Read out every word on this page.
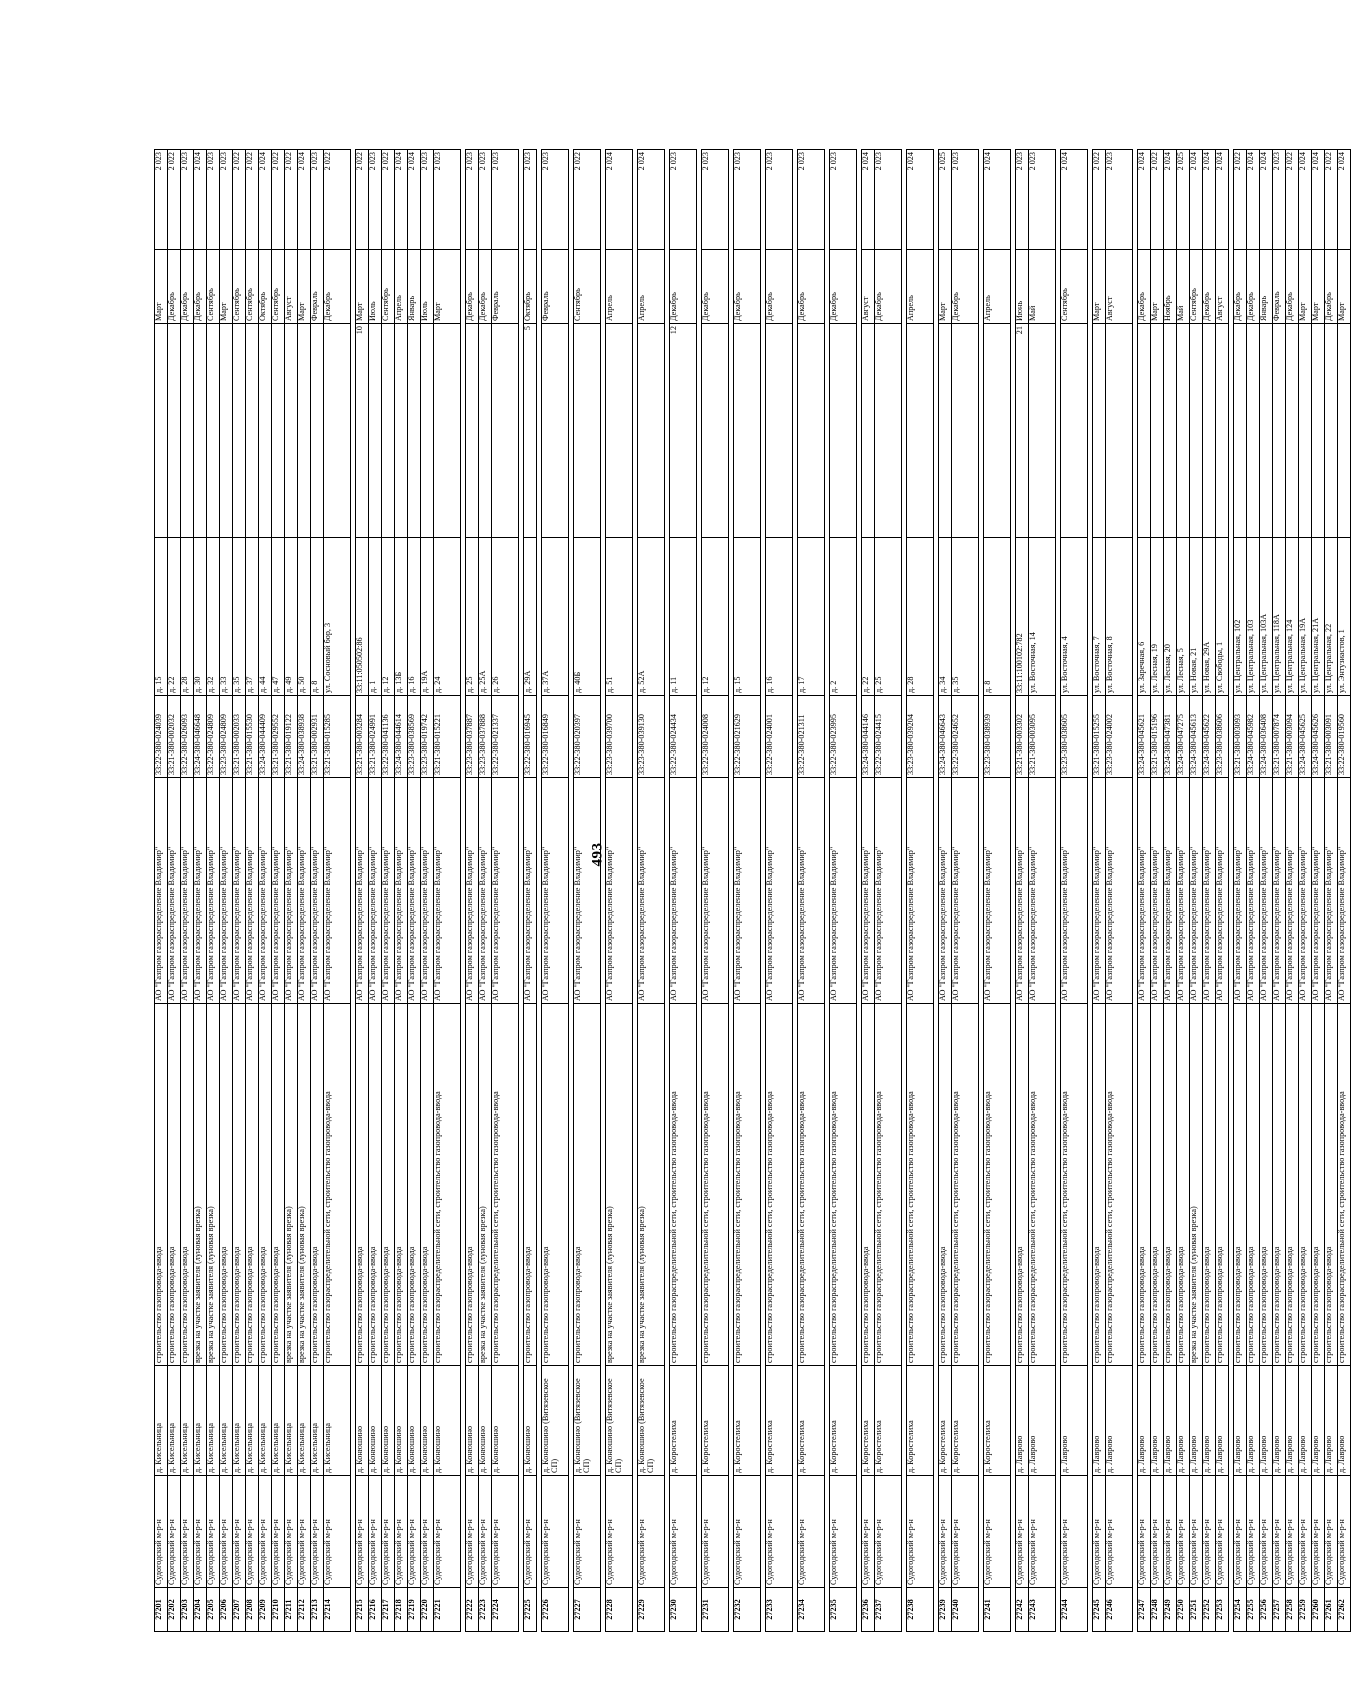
493
27201	Судогодский м-р-н	д. Кисельница	строительство газопровода-ввода	АО "Газпром газораспределение Владимир"	33:22-380-024039	д. 15		Март	2 023
27202	Судогодский м-р-н	д. Кисельница	строительство газопровода-ввода	АО "Газпром газораспределение Владимир"	33:21-380-002032	д. 22		Декабрь	2 022
27203	Судогодский м-р-н	д. Кисельница	строительство газопровода-ввода	АО "Газпром газораспределение Владимир"	33:22-380-026093	д. 28		Декабрь	2 023
27204	Судогодский м-р-н	д. Кисельница	врезка на участке заявителя (луновая врезка)	АО "Газпром газораспределение Владимир"	33:24-380-046648	д. 30		Декабрь	2 024
27205	Судогодский м-р-н	д. Кисельница	врезка на участке заявителя (луновая врезка)	АО "Газпром газораспределение Владимир"	33:22-380-024809	д. 32		Сентябрь	2 023
27206	Судогодский м-р-н	д. Кисельница	строительство газопровода-ввода	АО "Газпром газораспределение Владимир"	33:23-380-024809	д. 33		Март	2 023
27207	Судогодский м-р-н	д. Кисельница	строительство газопровода-ввода	АО "Газпром газораспределение Владимир"	33:21-380-002033	д. 35		Сентябрь	2 022
27208	Судогодский м-р-н	д. Кисельница	строительство газопровода-ввода	АО "Газпром газораспределение Владимир"	33:21-380-015530	д. 37		Сентябрь	2 022
27209	Судогодский м-р-н	д. Кисельница	строительство газопровода-ввода	АО "Газпром газораспределение Владимир"	33:24-380-044409	д. 44		Октябрь	2 024
27210	Судогодский м-р-н	д. Кисельница	строительство газопровода-ввода	АО "Газпром газораспределение Владимир"	33:21-380-029552	д. 47		Сентябрь	2 022
27211	Судогодский м-р-н	д. Кисельница	врезка на участке заявителя (луновая врезка)	АО "Газпром газораспределение Владимир"	33:21-380-019122	д. 49		Август	2 022
27212	Судогодский м-р-н	д. Кисельница	врезка на участке заявителя (луновая врезка)	АО "Газпром газораспределение Владимир"	33:24-380-038938	д. 50		Март	2 024
27213	Судогодский м-р-н	д. Кисельница	строительство газопровода-ввода	АО "Газпром газораспределение Владимир"	33:21-380-002931	д. 8		Февраль	2 023
27214	Судогодский м-р-н	д. Кисельница	строительство газораспределительной сети, строительство газопровода-ввода	АО "Газпром газораспределение Владимир"	33:21-380-015285	ул. Сосновый бор, 3		Декабрь	2 022

27215	Судогодский м-р-н	д. Конюшино	строительство газопровода-ввода	АО "Газпром газораспределение Владимир"	33:21-380-003284	33:11:050502:86	10	Март	2 022
27216	Судогодский м-р-н	д. Конюшино	строительство газопровода-ввода	АО "Газпром газораспределение Владимир"	33:21-380-024991	д. 1		Июль	2 023
27217	Судогодский м-р-н	д. Конюшино	строительство газопровода-ввода	АО "Газпром газораспределение Владимир"	33:22-380-041136	д. 12		Сентябрь	2 022
27218	Судогодский м-р-н	д. Конюшино	строительство газопровода-ввода	АО "Газпром газораспределение Владимир"	33:24-380-044614	д. 13Б		Апрель	2 024
27219	Судогодский м-р-н	д. Конюшино	строительство газопровода-ввода	АО "Газпром газораспределение Владимир"	33:23-380-038569	д. 16		Январь	2 024
27220	Судогодский м-р-н	д. Конюшино	строительство газопровода-ввода	АО "Газпром газораспределение Владимир"	33:23-380-019742	д. 19А		Июль	2 023
27221	Судогодский м-р-н	д. Конюшино	строительство газораспределительной сети, строительство газопровода-ввода	АО "Газпром газораспределение Владимир"	33:21-380-015221	д. 24		Март	2 023

27222	Судогодский м-р-н	д. Конюшино	строительство газопровода-ввода	АО "Газпром газораспределение Владимир"	33:23-380-037887	д. 25		Декабрь	2 023
27223	Судогодский м-р-н	д. Конюшино	врезка на участке заявителя (луновая врезка)	АО "Газпром газораспределение Владимир"	33:23-380-037888	д. 25А		Декабрь	2 023
27224	Судогодский м-р-н	д. Конюшино	строительство газораспределительной сети, строительство газопровода-ввода	АО "Газпром газораспределение Владимир"	33:22-380-021337	д. 26		Февраль	2 023

27225	Судогодский м-р-н	д. Конюшино	строительство газопровода-ввода	АО "Газпром газораспределение Владимир"	33:22-380-016945	д. 29А	5	Октябрь	2 023

27226	Судогодский м-р-н	д. Конюшино (Витязевское СП)	строительство газопровода-ввода	АО "Газпром газораспределение Владимир"	33:22-380-016849	д. 37А		Февраль	2 023

27227	Судогодский м-р-н	д. Конюшино (Витязевское СП)	строительство газопровода-ввода	АО "Газпром газораспределение Владимир"	33:22-380-020397	д. 40Б		Сентябрь	2 022

27228	Судогодский м-р-н	д. Конюшино (Витязевское СП)	врезка на участке заявителя (луновая врезка)	АО "Газпром газораспределение Владимир"	33:23-380-039700	д. 51		Апрель	2 024

27229	Судогодский м-р-н	д. Конюшино (Витязевское СП)	врезка на участке заявителя (луновая врезка)	АО "Газпром газораспределение Владимир"	33:23-380-039130	д. 52А		Апрель	2 024

27230	Судогодский м-р-н	д. Коростелиха	строительство газораспределительной сети, строительство газопровода-ввода	АО "Газпром газораспределение Владимир"	33:22-380-024434	д. 11	12	Декабрь	2 023

27231	Судогодский м-р-н	д. Коростелиха	строительство газораспределительной сети, строительство газопровода-ввода	АО "Газпром газораспределение Владимир"	33:22-380-024008	д. 12		Декабрь	2 023

27232	Судогодский м-р-н	д. Коростелиха	строительство газораспределительной сети, строительство газопровода-ввода	АО "Газпром газораспределение Владимир"	33:22-380-021629	д. 15		Декабрь	2 023

27233	Судогодский м-р-н	д. Коростелиха	строительство газораспределительной сети, строительство газопровода-ввода	АО "Газпром газораспределение Владимир"	33:22-380-024001	д. 16		Декабрь	2 023

27234	Судогодский м-р-н	д. Коростелиха	строительство газораспределительной сети, строительство газопровода-ввода	АО "Газпром газораспределение Владимир"	33:22-380-021311	д. 17		Декабрь	2 023

27235	Судогодский м-р-н	д. Коростелиха	строительство газораспределительной сети, строительство газопровода-ввода	АО "Газпром газораспределение Владимир"	33:22-380-023995	д. 2		Декабрь	2 023

27236	Судогодский м-р-н	д. Коростелиха	строительство газопровода-ввода	АО "Газпром газораспределение Владимир"	33:24-380-044146	д. 22		Август	2 024
27237	Судогодский м-р-н	д. Коростелиха	строительство газораспределительной сети, строительство газопровода-ввода	АО "Газпром газораспределение Владимир"	33:22-380-024415	д. 25		Декабрь	2 023

27238	Судогодский м-р-н	д. Коростелиха	строительство газораспределительной сети, строительство газопровода-ввода	АО "Газпром газораспределение Владимир"	33:23-380-039204	д. 28		Апрель	2 024

27239	Судогодский м-р-н	д. Коростелиха	строительство газопровода-ввода	АО "Газпром газораспределение Владимир"	33:24-380-046643	д. 34		Март	2 025
27240	Судогодский м-р-н	д. Коростелиха	строительство газораспределительной сети, строительство газопровода-ввода	АО "Газпром газораспределение Владимир"	33:22-380-024652	д. 35		Декабрь	2 023

27241	Судогодский м-р-н	д. Коростелиха	строительство газораспределительной сети, строительство газопровода-ввода	АО "Газпром газораспределение Владимир"	33:23-380-038939	д. 8		Апрель	2 024

27242	Судогодский м-р-н	д. Лаврово	строительство газопровода-ввода	АО "Газпром газораспределение Владимир"	33:21-380-003302	33:11:100102:782	21	Июнь	2 023
27243	Судогодский м-р-н	д. Лаврово	строительство газораспределительной сети, строительство газопровода-ввода	АО "Газпром газораспределение Владимир"	33:21-380-003095	ул. Восточная, 14		Май	2 023

27244	Судогодский м-р-н	д. Лаврово	строительство газораспределительной сети, строительство газопровода-ввода	АО "Газпром газораспределение Владимир"	33:23-380-038605	ул. Восточная, 4		Сентябрь	2 024

27245	Судогодский м-р-н	д. Лаврово	строительство газопровода-ввода	АО "Газпром газораспределение Владимир"	33:21-380-015255	ул. Восточная, 7		Март	2 022
27246	Судогодский м-р-н	д. Лаврово	строительство газораспределительной сети, строительство газопровода-ввода	АО "Газпром газораспределение Владимир"	33:23-380-024002	ул. Восточная, 8		Август	2 023

27247	Судогодский м-р-н	д. Лаврово	строительство газопровода-ввода	АО "Газпром газораспределение Владимир"	33:24-380-045621	ул. Заречная, 6		Декабрь	2 024
27248	Судогодский м-р-н	д. Лаврово	строительство газопровода-ввода	АО "Газпром газораспределение Владимир"	33:21-380-015196	ул. Лесная, 19		Март	2 022
27249	Судогодский м-р-н	д. Лаврово	строительство газопровода-ввода	АО "Газпром газораспределение Владимир"	33:24-380-047381	ул. Лесная, 20		Ноябрь	2 024
27250	Судогодский м-р-н	д. Лаврово	строительство газопровода-ввода	АО "Газпром газораспределение Владимир"	33:24-380-047275	ул. Лесная, 5		Май	2 025
27251	Судогодский м-р-н	д. Лаврово	врезка на участке заявителя (луновая врезка)	АО "Газпром газораспределение Владимир"	33:24-380-045613	ул. Новая, 21		Сентябрь	2 024
27252	Судогодский м-р-н	д. Лаврово	строительство газопровода-ввода	АО "Газпром газораспределение Владимир"	33:24-380-045622	ул. Новая, 29А		Декабрь	2 024
27253	Судогодский м-р-н	д. Лаврово	строительство газопровода-ввода	АО "Газпром газораспределение Владимир"	33:23-380-038606	ул. Свободы, 1		Август	2 024

27254	Судогодский м-р-н	д. Лаврово	строительство газопровода-ввода	АО "Газпром газораспределение Владимир"	33:21-380-003093	ул. Центральная, 102		Декабрь	2 022
27255	Судогодский м-р-н	д. Лаврово	строительство газопровода-ввода	АО "Газпром газораспределение Владимир"	33:24-380-045982	ул. Центральная, 103		Декабрь	2 024
27256	Судогодский м-р-н	д. Лаврово	строительство газопровода-ввода	АО "Газпром газораспределение Владимир"	33:24-380-036408	ул. Центральная, 103А		Январь	2 024
27257	Судогодский м-р-н	д. Лаврово	строительство газопровода-ввода	АО "Газпром газораспределение Владимир"	33:21-380-007874	ул. Центральная, 118А		Февраль	2 023
27258	Судогодский м-р-н	д. Лаврово	строительство газопровода-ввода	АО "Газпром газораспределение Владимир"	33:21-380-003094	ул. Центральная, 124		Декабрь	2 022
27259	Судогодский м-р-н	д. Лаврово	строительство газопровода-ввода	АО "Газпром газораспределение Владимир"	33:24-380-045625	ул. Центральная, 19А		Март	2 024
27260	Судогодский м-р-н	д. Лаврово	строительство газопровода-ввода	АО "Газпром газораспределение Владимир"	33:24-380-045626	ул. Центральная, 21А		Март	2 024
27261	Судогодский м-р-н	д. Лаврово	строительство газопровода-ввода	АО "Газпром газораспределение Владимир"	33:21-380-003091	ул. Центральная, 22		Декабрь	2 022
27262	Судогодский м-р-н	д. Лаврово	строительство газораспределительной сети, строительство газопровода-ввода	АО "Газпром газораспределение Владимир"	33:22-380-019560	ул. Энтузиастов, 1		Март	2 024
